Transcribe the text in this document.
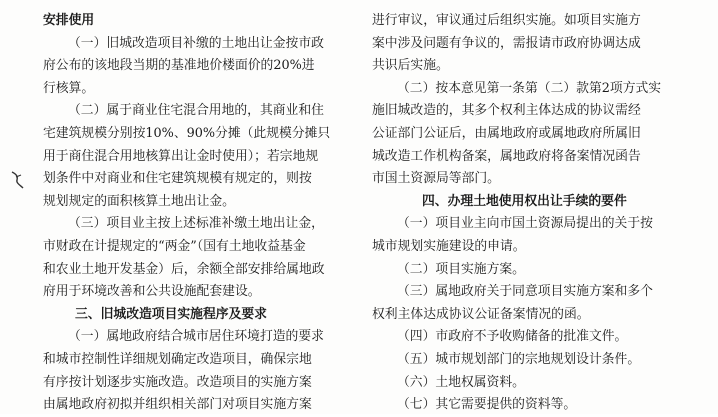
安排使用
（一）旧城改造项目补缴的土地出让金按市政
府公布的该地段当期的基准地价楼面价的20%进
行核算。
（二）属于商业住宅混合用地的，其商业和住
宅建筑规模分别按10%、90%分摊（此规模分摊只
用于商住混合用地核算出让金时使用）；若宗地规
划条件中对商业和住宅建筑规模有规定的，则按
规划规定的面积核算土地出让金。
（三）项目业主按上述标准补缴土地出让金，
市财政在计提规定的“两金”（国有土地收益基金
和农业土地开发基金）后，余额全部安排给属地政
府用于环境改善和公共设施配套建设。
三、旧城改造项目实施程序及要求
（一）属地政府结合城市居住环境打造的要求
和城市控制性详细规划确定改造项目，确保宗地
有序按计划逐步实施改造。改造项目的实施方案
由属地政府初拟并组织相关部门对项目实施方案
进行审议，审议通过后组织实施。如项目实施方
案中涉及问题有争议的，需报请市政府协调达成
共识后实施。
（二）按本意见第一条第（二）款第2项方式实
施旧城改造的，其多个权利主体达成的协议需经
公证部门公证后，由属地政府或属地政府所属旧
城改造工作机构备案，属地政府将备案情况函告
市国土资源局等部门。
四、办理土地使用权出让手续的要件
（一）项目业主向市国土资源局提出的关于按
城市规划实施建设的申请。
（二）项目实施方案。
（三）属地政府关于同意项目实施方案和多个
权利主体达成协议公证备案情况的函。
（四）市政府不予收购储备的批准文件。
（五）城市规划部门的宗地规划设计条件。
（六）土地权属资料。
（七）其它需要提供的资料等。
